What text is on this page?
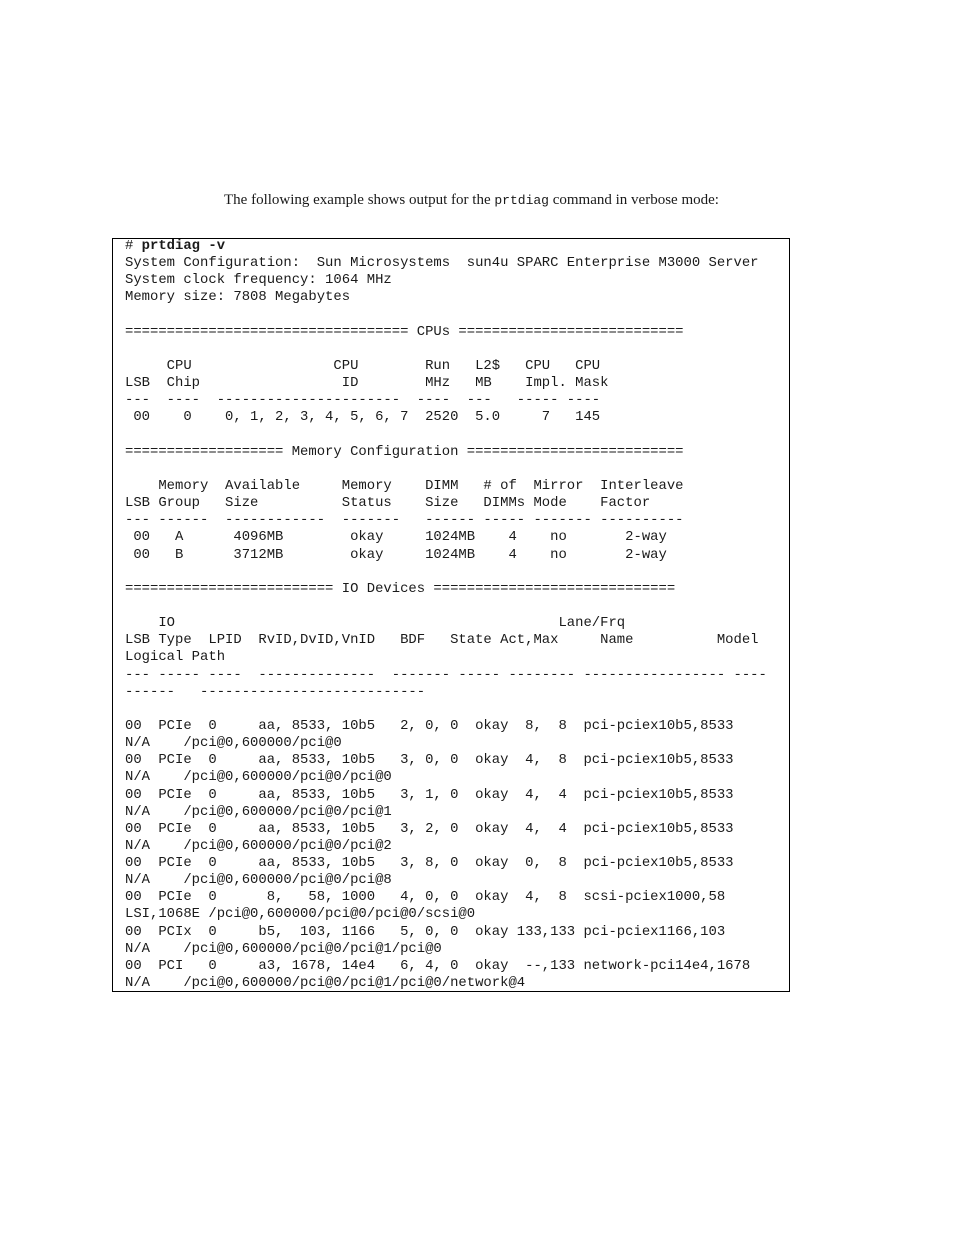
The following example shows output for the prtdiag command in verbose mode:

# prtdiag -v
System Configuration:  Sun Microsystems  sun4u SPARC Enterprise M3000 Server
System clock frequency: 1064 MHz
Memory size: 7808 Megabytes
================================== CPUs ===========================
CPU                 CPU        Run   L2$   CPU   CPU
LSB  Chip                 ID        MHz   MB    Impl. Mask
---  ----  ----------------------  ----  ---   ----- ----
00    0    0, 1, 2, 3, 4, 5, 6, 7  2520  5.0     7   145
=================== Memory Configuration ==========================
Memory  Available     Memory    DIMM   # of  Mirror  Interleave
LSB Group   Size          Status    Size   DIMMs Mode    Factor
--- ------  ------------  -------   ------ ----- ------- ----------
00   A      4096MB        okay     1024MB    4    no       2-way
00   B      3712MB        okay     1024MB    4    no       2-way
========================= IO Devices =============================
IO                                              Lane/Frq
LSB Type  LPID  RvID,DvID,VnID   BDF   State Act,Max     Name          Model
Logical Path
--- ----- ----  --------------  ------- ----- -------- ----------------- ----
------   ---------------------------
00  PCIe  0     aa, 8533, 10b5   2, 0, 0  okay  8,  8  pci-pciex10b5,8533
N/A    /pci@0,600000/pci@0
00  PCIe  0     aa, 8533, 10b5   3, 0, 0  okay  4,  8  pci-pciex10b5,8533
N/A    /pci@0,600000/pci@0/pci@0
00  PCIe  0     aa, 8533, 10b5   3, 1, 0  okay  4,  4  pci-pciex10b5,8533
N/A    /pci@0,600000/pci@0/pci@1
00  PCIe  0     aa, 8533, 10b5   3, 2, 0  okay  4,  4  pci-pciex10b5,8533
N/A    /pci@0,600000/pci@0/pci@2
00  PCIe  0     aa, 8533, 10b5   3, 8, 0  okay  0,  8  pci-pciex10b5,8533
N/A    /pci@0,600000/pci@0/pci@8
00  PCIe  0      8,   58, 1000   4, 0, 0  okay  4,  8  scsi-pciex1000,58
LSI,1068E /pci@0,600000/pci@0/pci@0/scsi@0
00  PCIx  0     b5,  103, 1166   5, 0, 0  okay 133,133 pci-pciex1166,103
N/A    /pci@0,600000/pci@0/pci@1/pci@0
00  PCI   0     a3, 1678, 14e4   6, 4, 0  okay  --,133 network-pci14e4,1678
N/A    /pci@0,600000/pci@0/pci@1/pci@0/network@4
